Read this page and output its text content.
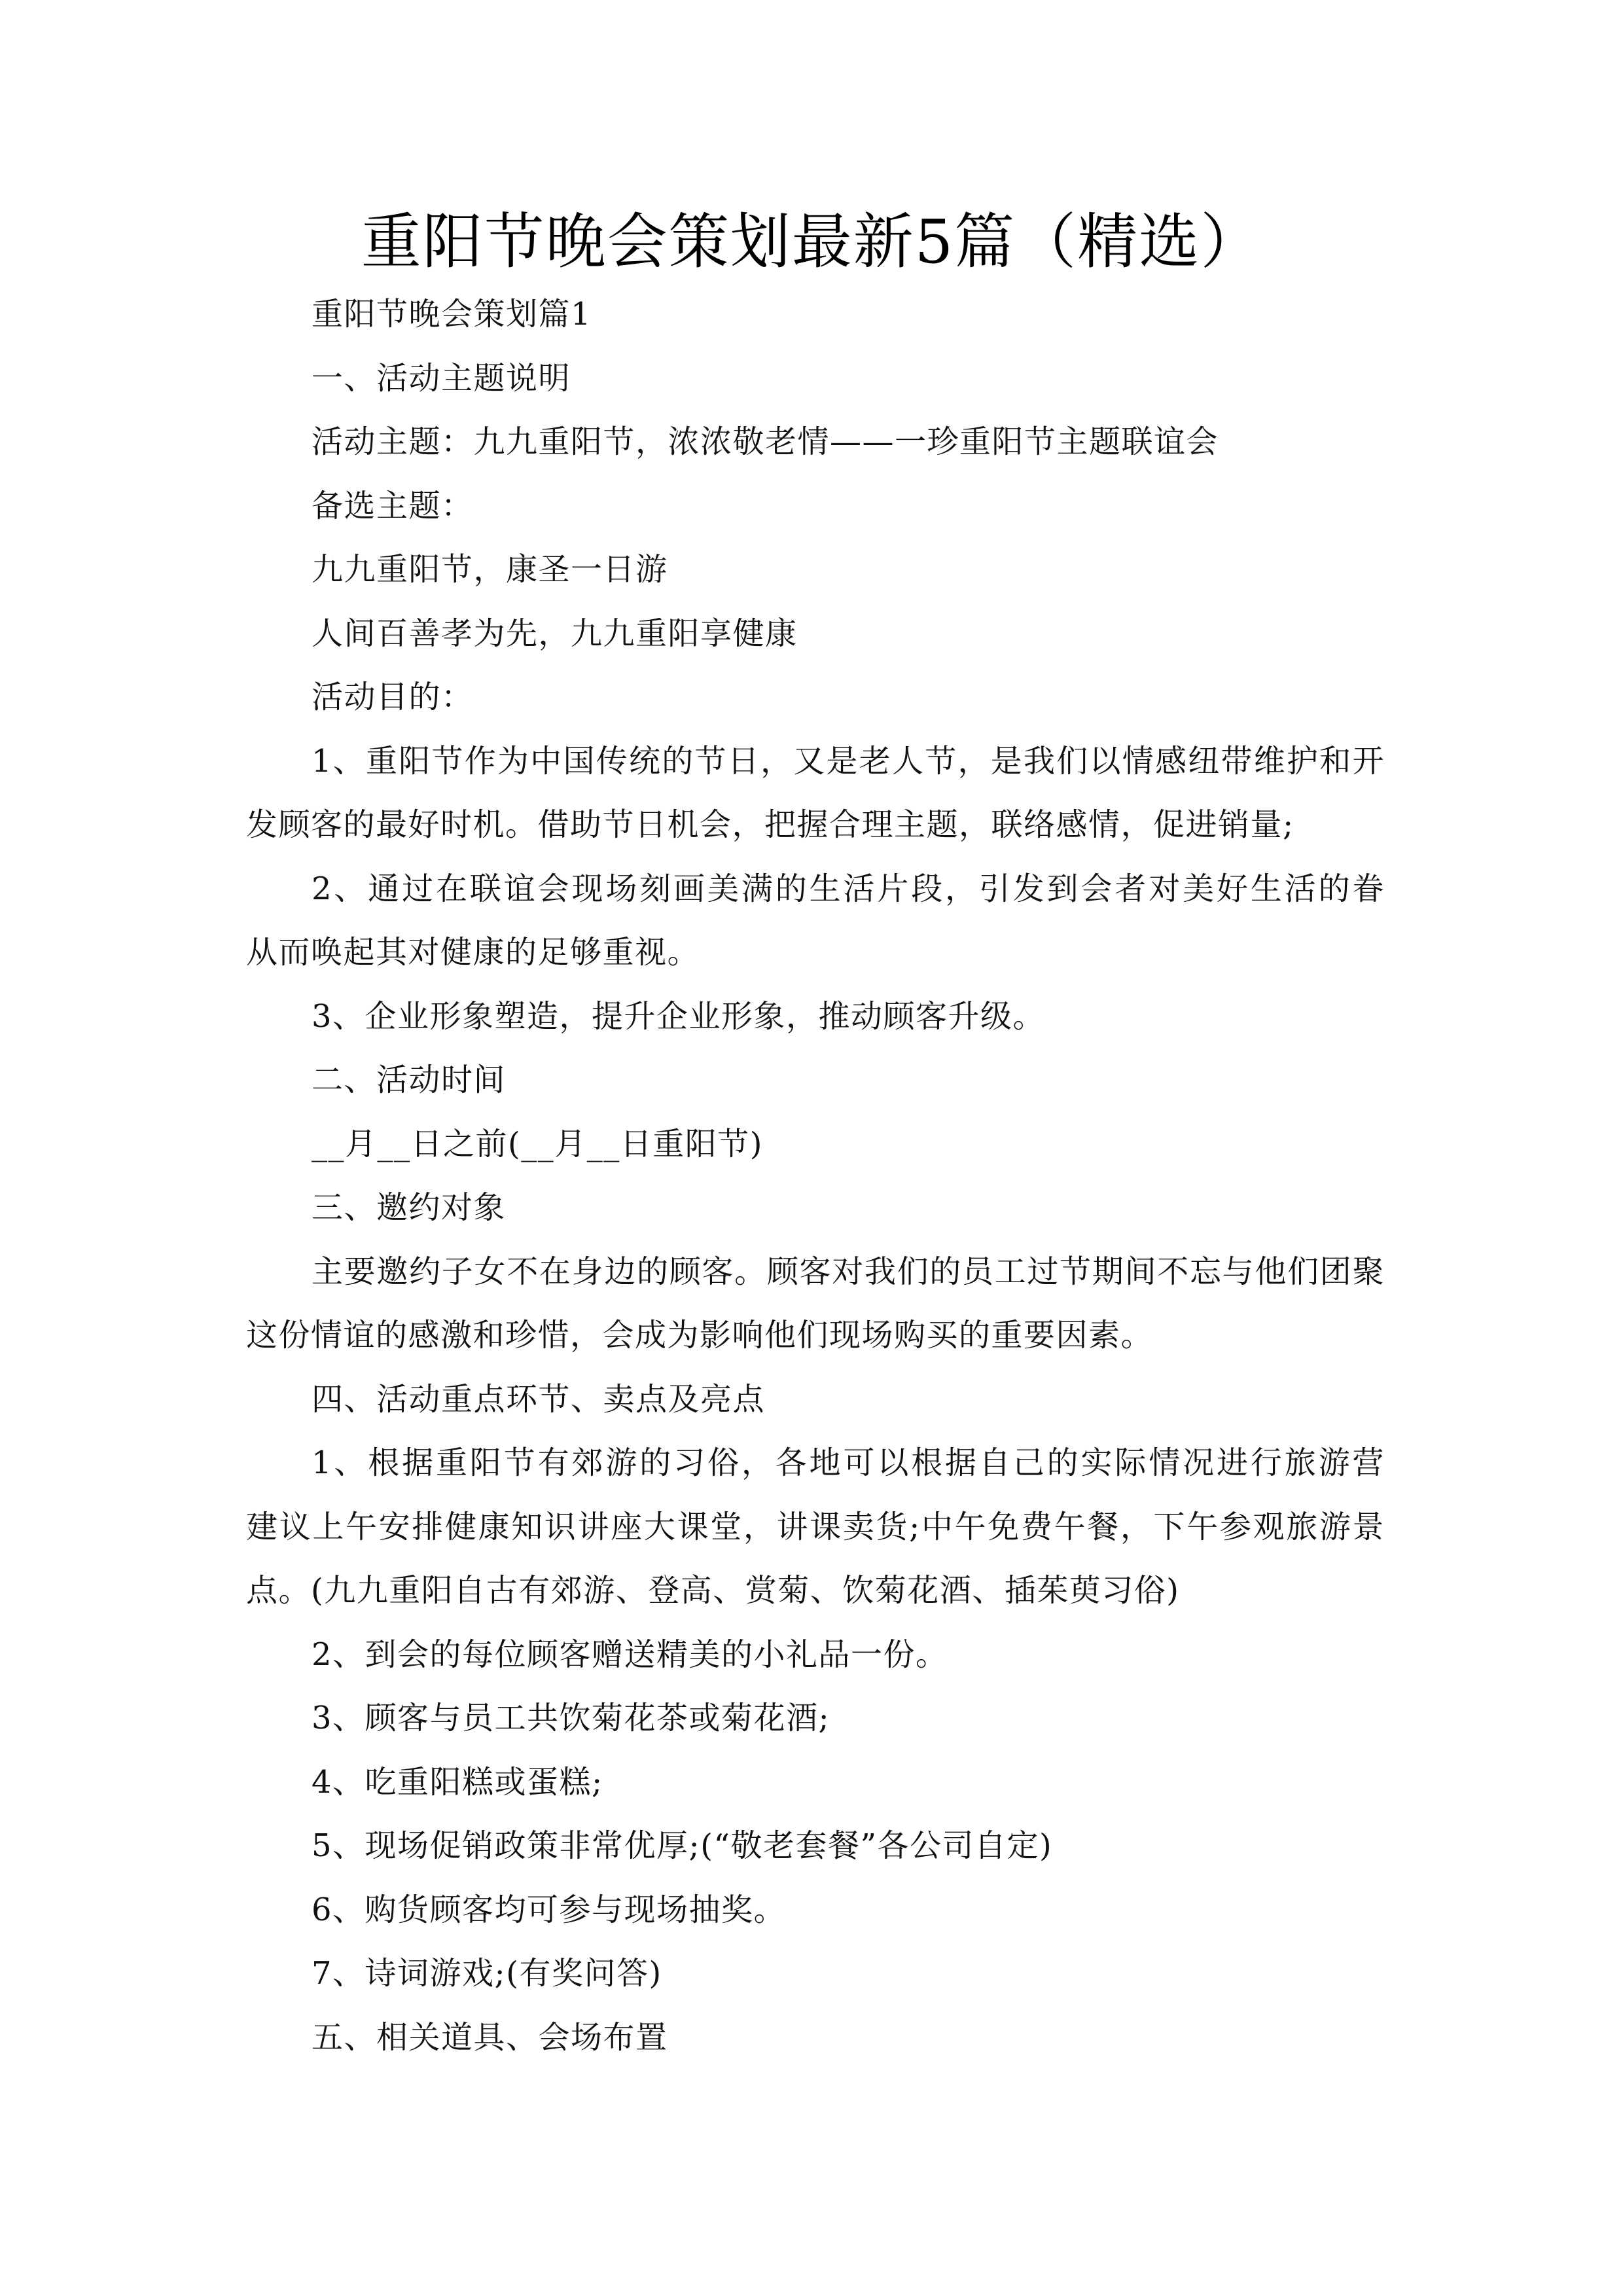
重阳节晚会策划最新5篇（精选）
重阳节晚会策划篇1
一、活动主题说明
活动主题：九九重阳节，浓浓敬老情——一珍重阳节主题联谊会
备选主题：
九九重阳节，康圣一日游
人间百善孝为先，九九重阳享健康
活动目的：
1、重阳节作为中国传统的节日，又是老人节，是我们以情感纽带维护和开
发顾客的最好时机。借助节日机会，把握合理主题，联络感情，促进销量;
2、通过在联谊会现场刻画美满的生活片段，引发到会者对美好生活的眷
从而唤起其对健康的足够重视。
3、企业形象塑造，提升企业形象，推动顾客升级。
二、活动时间
__月__日之前(__月__日重阳节)
三、邀约对象
主要邀约子女不在身边的顾客。顾客对我们的员工过节期间不忘与他们团聚
这份情谊的感激和珍惜，会成为影响他们现场购买的重要因素。
四、活动重点环节、卖点及亮点
1、根据重阳节有郊游的习俗，各地可以根据自己的实际情况进行旅游营
建议上午安排健康知识讲座大课堂，讲课卖货;中午免费午餐，下午参观旅游景
点。(九九重阳自古有郊游、登高、赏菊、饮菊花酒、插茱萸习俗)
2、到会的每位顾客赠送精美的小礼品一份。
3、顾客与员工共饮菊花茶或菊花酒;
4、吃重阳糕或蛋糕;
5、现场促销政策非常优厚;(“敬老套餐”各公司自定)
6、购货顾客均可参与现场抽奖。
7、诗词游戏;(有奖问答)
五、相关道具、会场布置
